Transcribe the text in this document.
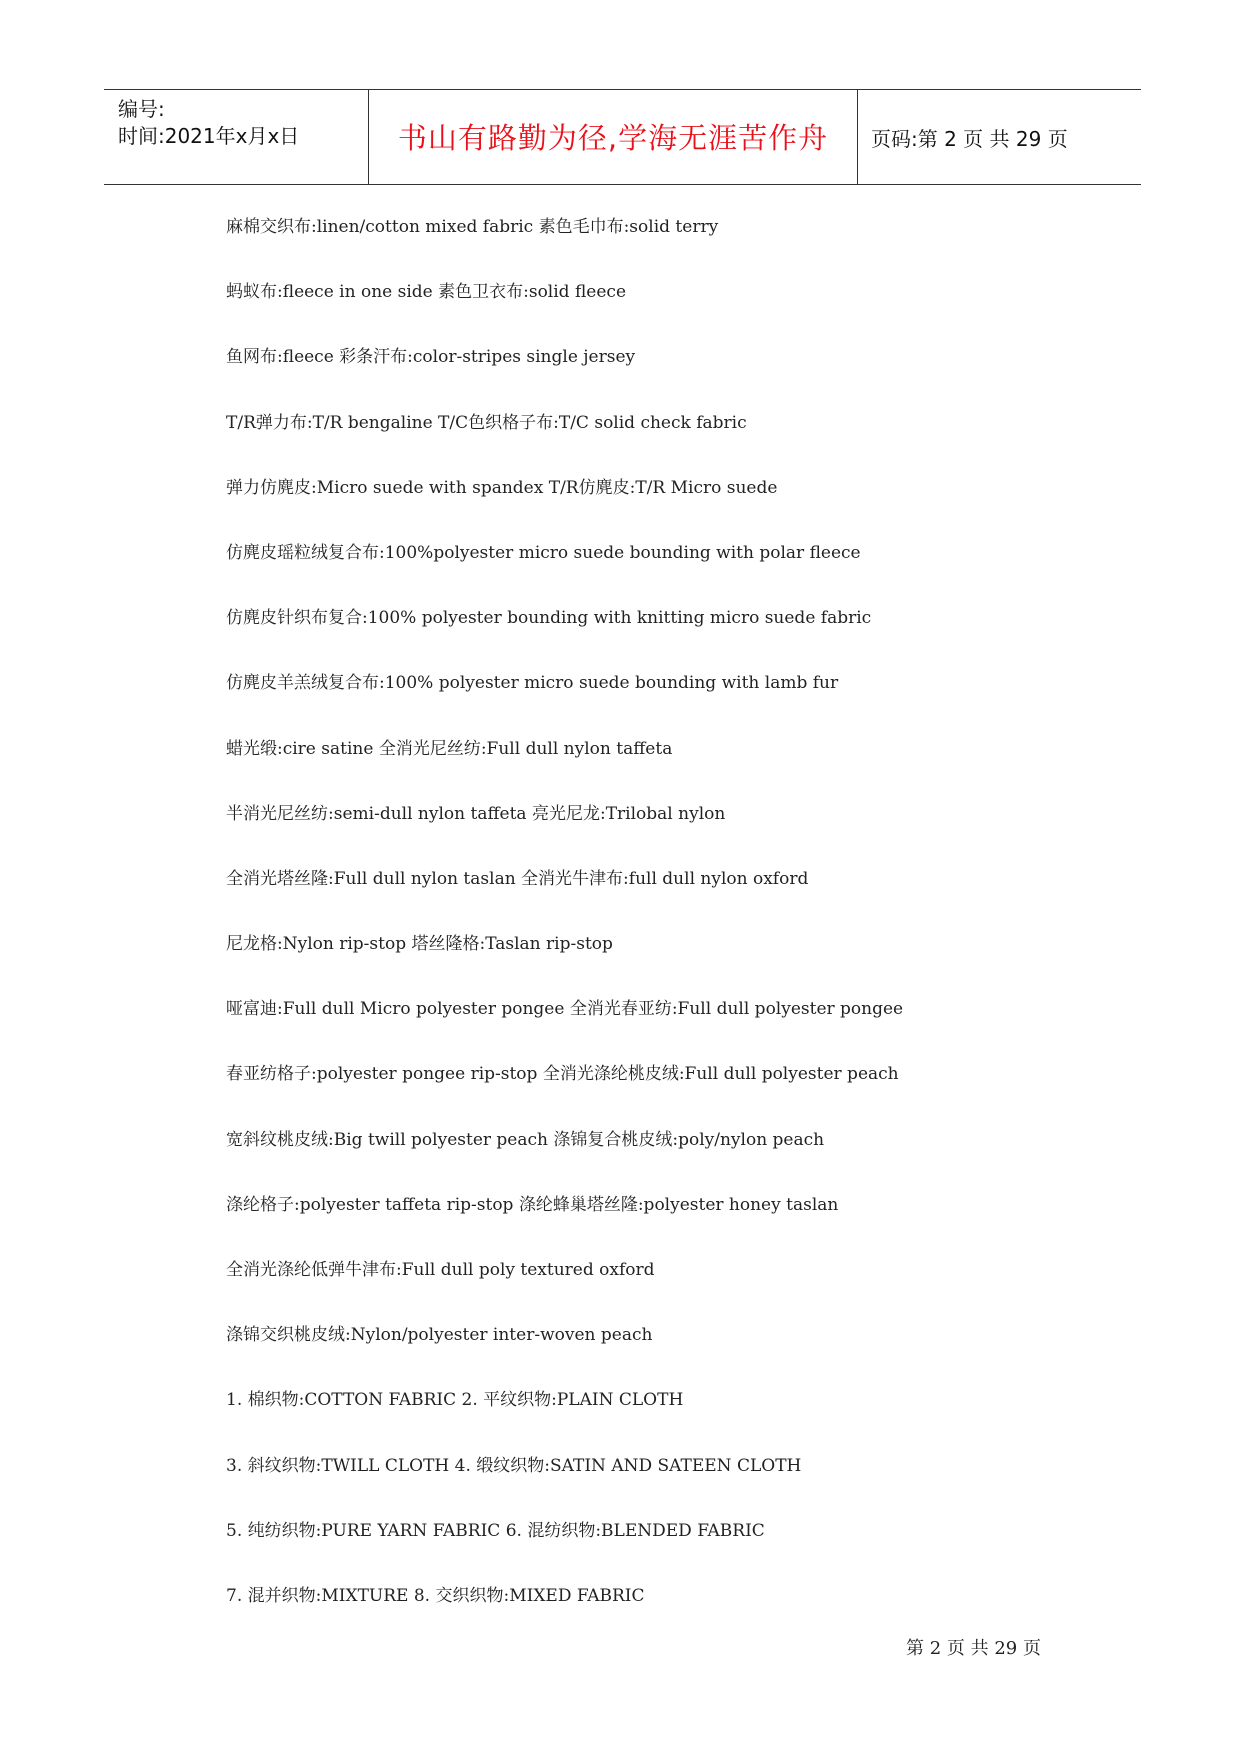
编号:
时间:2021年x月x日	书山有路勤为径,学海无涯苦作舟	页码:第 2 页 共 29 页
麻棉交织布:linen/cotton mixed fabric 素色毛巾布:solid terry
蚂蚁布:fleece in one side 素色卫衣布:solid fleece
鱼网布:fleece 彩条汗布:color-stripes single jersey
T/R弹力布:T/R bengaline T/C色织格子布:T/C solid check fabric
弹力仿麂皮:Micro suede with spandex T/R仿麂皮:T/R Micro suede
仿麂皮瑶粒绒复合布:100%polyester micro suede bounding with polar fleece
仿麂皮针织布复合:100% polyester bounding with knitting micro suede fabric
仿麂皮羊羔绒复合布:100% polyester micro suede bounding with lamb fur
蜡光缎:cire satine 全消光尼丝纺:Full dull nylon taffeta
半消光尼丝纺:semi-dull nylon taffeta 亮光尼龙:Trilobal nylon
全消光塔丝隆:Full dull nylon taslan 全消光牛津布:full dull nylon oxford
尼龙格:Nylon rip-stop 塔丝隆格:Taslan rip-stop
哑富迪:Full dull Micro polyester pongee 全消光春亚纺:Full dull polyester pongee
春亚纺格子:polyester pongee rip-stop 全消光涤纶桃皮绒:Full dull polyester peach
宽斜纹桃皮绒:Big twill polyester peach 涤锦复合桃皮绒:poly/nylon peach
涤纶格子:polyester taffeta rip-stop 涤纶蜂巢塔丝隆:polyester honey taslan
全消光涤纶低弹牛津布:Full dull poly textured oxford
涤锦交织桃皮绒:Nylon/polyester inter-woven peach
1. 棉织物:COTTON FABRIC 2. 平纹织物:PLAIN CLOTH
3. 斜纹织物:TWILL CLOTH 4. 缎纹织物:SATIN AND SATEEN CLOTH
5. 纯纺织物:PURE YARN FABRIC 6. 混纺织物:BLENDED FABRIC
7. 混并织物:MIXTURE 8. 交织织物:MIXED FABRIC
第 2 页 共 29 页
